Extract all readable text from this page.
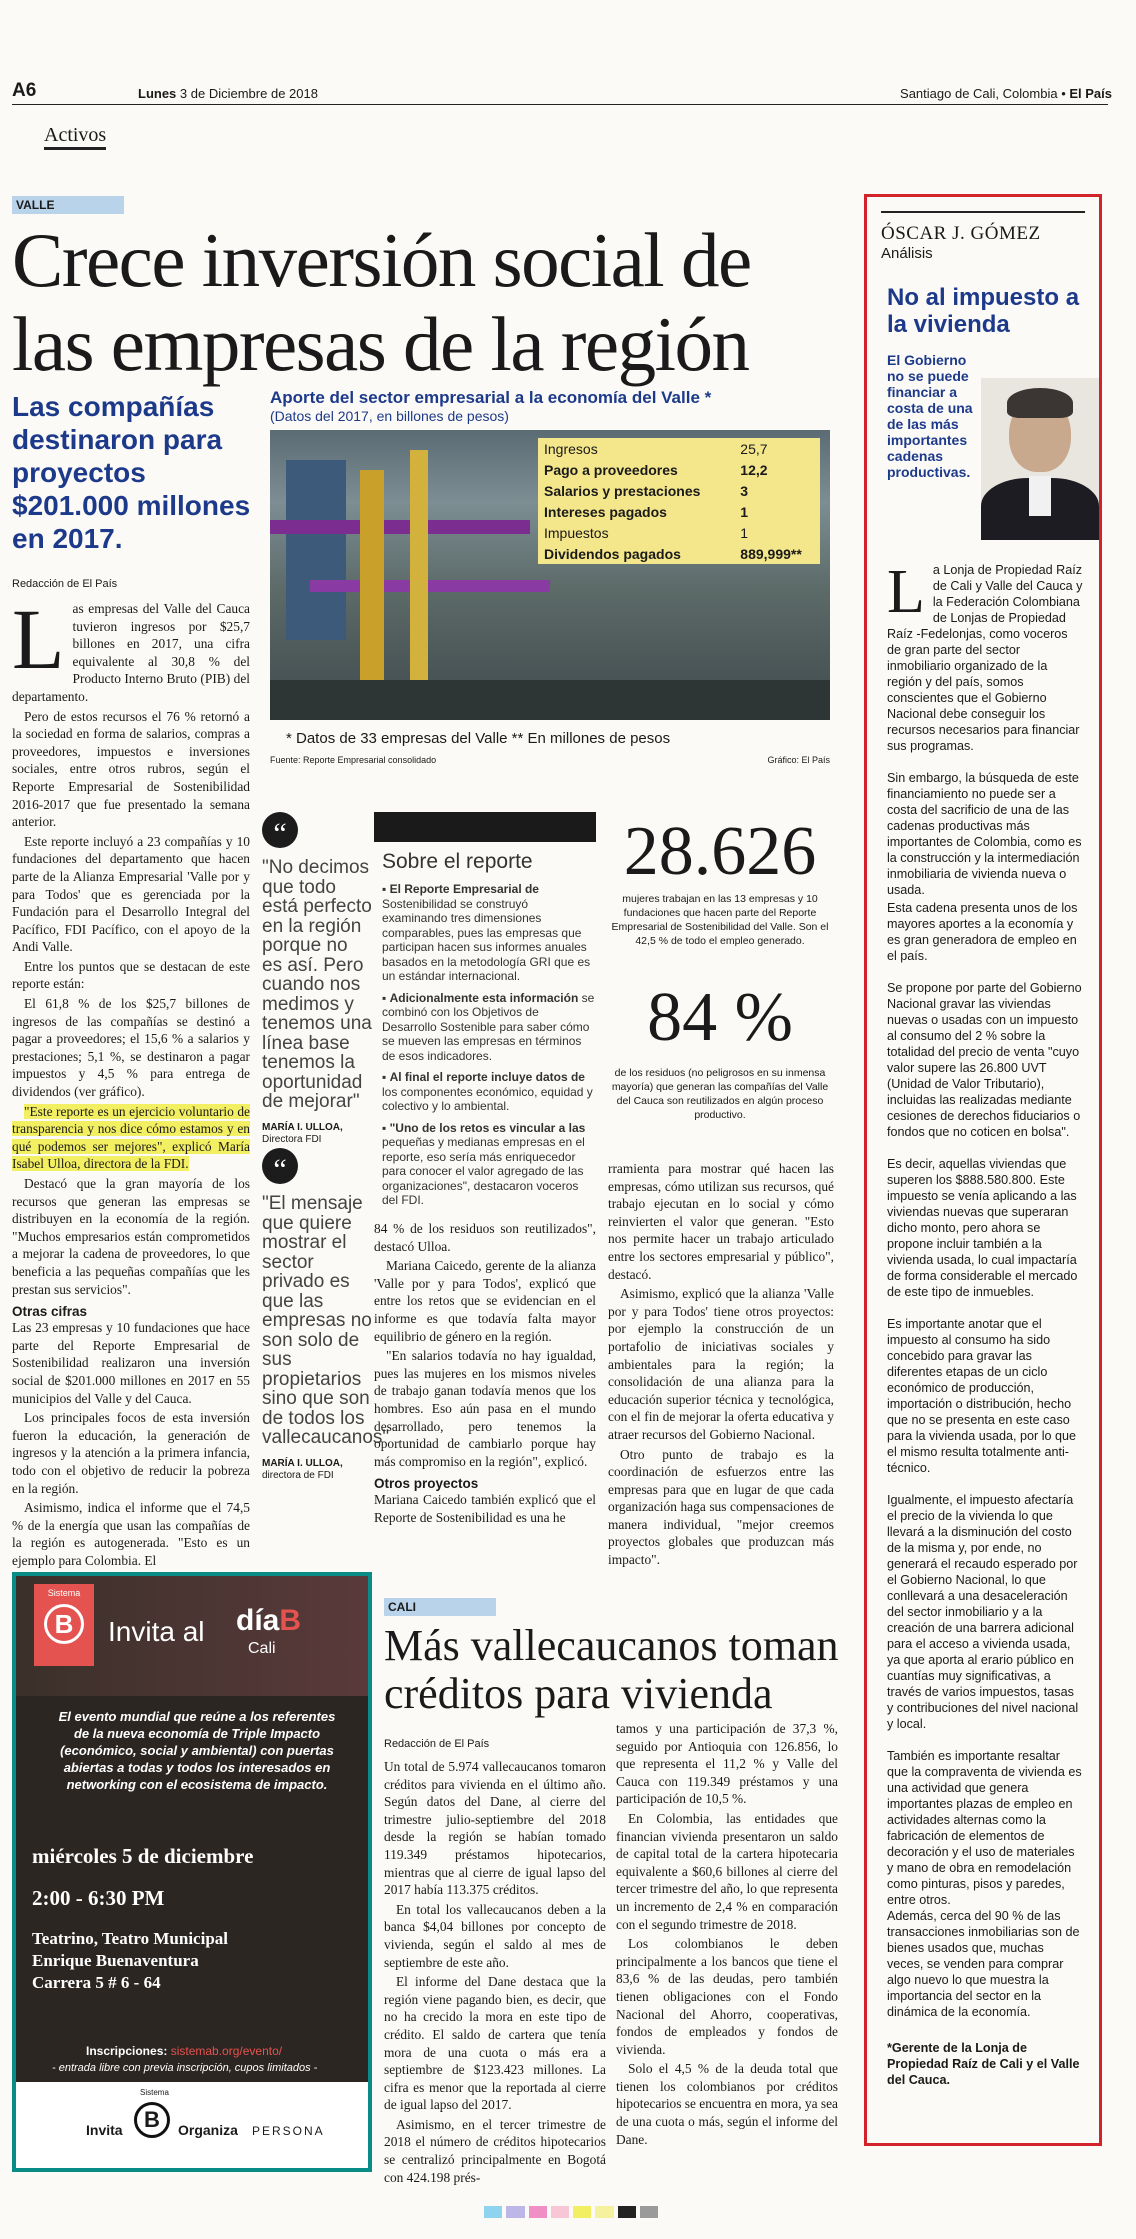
A6	Lunes 3 de Diciembre de 2018	Santiago de Cali, Colombia • El País
Activos
VALLE
Crece inversión social de
las empresas de la región
Las compañías destinaron para proyectos $201.000 millones en 2017.
Redacción de El País

Las empresas del Valle del Cauca tuvieron ingresos por $25,7 billones en 2017, una cifra equivalente al 30,8 % del Producto Interno Bruto (PIB) del departamento.

Pero de estos recursos el 76 % retornó a la sociedad en forma de salarios, compras a proveedores, impuestos e inversiones sociales, entre otros rubros, según el Reporte Empresarial de Sostenibilidad 2016-2017 que fue presentado la semana anterior.

Este reporte incluyó a 23 compañías y 10 fundaciones del departamento que hacen parte de la Alianza Empresarial 'Valle por y para Todos' que es gerenciada por la Fundación para el Desarrollo Integral del Pacífico, FDI Pacífico, con el apoyo de la Andi Valle.

Entre los puntos que se destacan de este reporte están:

El 61,8 % de los $25,7 billones de ingresos de las compañías se destinó a pagar a proveedores; el 15,6 % a salarios y prestaciones; 5,1 %, se destinaron a pagar impuestos y 4,5 % para entrega de dividendos (ver gráfico).

"Este reporte es un ejercicio voluntario de transparencia y nos dice cómo estamos y en qué podemos ser mejores", explicó María Isabel Ulloa, directora de la FDI.

Destacó que la gran mayoría de los recursos que generan las empresas se distribuyen en la economía de la región. "Muchos empresarios están comprometidos a mejorar la cadena de proveedores, lo que beneficia a las pequeñas compañías que les prestan sus servicios".

Otras cifras

Las 23 empresas y 10 fundaciones que hace parte del Reporte Empresarial de Sostenibilidad realizaron una inversión social de $201.000 millones en 2017 en 55 municipios del Valle y del Cauca.

Los principales focos de esta inversión fueron la educación, la generación de ingresos y la atención a la primera infancia, todo con el objetivo de reducir la pobreza en la región.

Asimismo, indica el informe que el 74,5 % de la energía que usan las compañías de la región es autogenerada. "Esto es un ejemplo para Colombia. El

Aporte del sector empresarial a la economía del Valle *
(Datos del 2017, en billones de pesos)
Ingresos	25,7
Pago a proveedores	12,2
Salarios y prestaciones	3
Intereses pagados	1
Impuestos	1
Dividendos pagados	889,999**
* Datos de 33 empresas del Valle ** En millones de pesos
Fuente: Reporte Empresarial consolidado	Gráfico: El País
“
"No decimos que todo está perfecto en la región porque no es así. Pero cuando nos medimos y tenemos una línea base tenemos la oportunidad de mejorar"
MARÍA I. ULLOA,
Directora FDI
“
"El mensaje que quiere mostrar el sector privado es que las empresas no son solo de sus propietarios sino que son de todos los vallecaucanos"
MARÍA I. ULLOA,
directora de FDI
Sobre el reporte
▪ El Reporte Empresarial de Sostenibilidad se construyó examinando tres dimensiones comparables, pues las empresas que participan hacen sus informes anuales basados en la metodología GRI que es un estándar internacional.
▪ Adicionalmente esta información se combinó con los Objetivos de Desarrollo Sostenible para saber cómo se mueven las empresas en términos de esos indicadores.
▪ Al final el reporte incluye datos de los componentes económico, equidad y colectivo y lo ambiental.
▪ "Uno de los retos es vincular a las pequeñas y medianas empresas en el reporte, eso sería más enriquecedor para conocer el valor agregado de las organizaciones", destacaron voceros del FDI.
28.626
mujeres trabajan en las 13 empresas y 10 fundaciones que hacen parte del Reporte Empresarial de Sostenibilidad del Valle. Son el 42,5 % de todo el empleo generado.
84 %
de los residuos (no peligrosos en su inmensa mayoría) que generan las compañías del Valle del Cauca son reutilizados en algún proceso productivo.

84 % de los residuos son reutilizados", destacó Ulloa.

Mariana Caicedo, gerente de la alianza 'Valle por y para Todos', explicó que entre los retos que se evidencian en el informe es que todavía falta mayor equilibrio de género en la región.

"En salarios todavía no hay igualdad, pues las mujeres en los mismos niveles de trabajo ganan todavía menos que los hombres. Eso aún pasa en el mundo desarrollado, pero tenemos la oportunidad de cambiarlo porque hay más compromiso en la región", explicó.

Otros proyectos

Mariana Caicedo también explicó que el Reporte de Sostenibilidad es una he

rramienta para mostrar qué hacen las empresas, cómo utilizan sus recursos, qué trabajo ejecutan en lo social y cómo reinvierten el valor que generan. "Esto nos permite hacer un trabajo articulado entre los sectores empresarial y público", destacó.

Asimismo, explicó que la alianza 'Valle por y para Todos' tiene otros proyectos: por ejemplo la construcción de un portafolio de iniciativas sociales y ambientales para la región; la consolidación de una alianza para la educación superior técnica y tecnológica, con el fin de mejorar la oferta educativa y atraer recursos del Gobierno Nacional.

Otro punto de trabajo es la coordinación de esfuerzos entre las empresas para que en lugar de que cada organización haga sus compensaciones de manera individual, "mejor creemos proyectos globales que produzcan más impacto".

ÓSCAR J. GÓMEZ
Análisis
No al impuesto a la vivienda
El Gobierno no se puede financiar a costa de una de las más importantes cadenas productivas.

La Lonja de Propiedad Raíz de Cali y Valle del Cauca y la Federación Colombiana de Lonjas de Propiedad Raíz -Fedelonjas, como voceros de gran parte del sector inmobiliario organizado de la región y del país, somos conscientes que el Gobierno Nacional debe conseguir los recursos necesarios para financiar sus programas.

Sin embargo, la búsqueda de este financiamiento no puede ser a costa del sacrificio de una de las cadenas productivas más importantes de Colombia, como es la construcción y la intermediación inmobiliaria de vivienda nueva o usada.

Esta cadena presenta unos de los mayores aportes a la economía y es gran generadora de empleo en el país.

Se propone por parte del Gobierno Nacional gravar las viviendas nuevas o usadas con un impuesto al consumo del 2 % sobre la totalidad del precio de venta "cuyo valor supere las 26.800 UVT (Unidad de Valor Tributario), incluidas las realizadas mediante cesiones de derechos fiduciarios o fondos que no coticen en bolsa".

Es decir, aquellas viviendas que superen los $888.580.800. Este impuesto se venía aplicando a las viviendas nuevas que superaran dicho monto, pero ahora se propone incluir también a la vivienda usada, lo cual impactaría de forma considerable el mercado de este tipo de inmuebles.

Es importante anotar que el impuesto al consumo ha sido concebido para gravar las diferentes etapas de un ciclo económico de producción, importación o distribución, hecho que no se presenta en este caso para la vivienda usada, por lo que el mismo resulta totalmente anti-técnico.

Igualmente, el impuesto afectaría el precio de la vivienda lo que llevará a la disminución del costo de la misma y, por ende, no generará el recaudo esperado por el Gobierno Nacional, lo que conllevará a una desaceleración del sector inmobiliario y a la creación de una barrera adicional para el acceso a vivienda usada, ya que aporta al erario público en cuantías muy significativas, a través de varios impuestos, tasas y contribuciones del nivel nacional y local.

También es importante resaltar que la compraventa de vivienda es una actividad que genera importantes plazas de empleo en actividades alternas como la fabricación de elementos de decoración y el uso de materiales y mano de obra en remodelación como pinturas, pisos y paredes, entre otros.

Además, cerca del 90 % de las transacciones inmobiliarias son de bienes usados que, muchas veces, se venden para comprar algo nuevo lo que muestra la importancia del sector en la dinámica de la economía.

*Gerente de la Lonja de Propiedad Raíz de Cali y el Valle del Cauca.

Sistema
B	Invita al díaB
Cali
El evento mundial que reúne a los referentes de la nueva economía de Triple Impacto (económico, social y ambiental) con puertas abiertas a todas y todos los interesados en networking con el ecosistema de impacto.
miércoles 5 de diciembre
2:00 - 6:30 PM
Teatrino, Teatro Municipal
Enrique Buenaventura
Carrera 5 # 6 - 64
Inscripciones: sistemab.org/evento/
- entrada libre con previa inscripción, cupos limitados -
Invita
Sistema
B	Organiza PERSONA
CALI
Más vallecaucanos toman
créditos para vivienda
Redacción de El País

Un total de 5.974 vallecaucanos tomaron créditos para vivienda en el último año. Según datos del Dane, al cierre del trimestre julio-septiembre del 2018 desde la región se habían tomado 119.349 préstamos hipotecarios, mientras que al cierre de igual lapso del 2017 había 113.375 créditos.

En total los vallecaucanos deben a la banca $4,04 billones por concepto de vivienda, según el saldo al mes de septiembre de este año.

El informe del Dane destaca que la región viene pagando bien, es decir, que no ha crecido la mora en este tipo de crédito. El saldo de cartera que tenía mora de una cuota o más era a septiembre de $123.423 millones. La cifra es menor que la reportada al cierre de igual lapso del 2017.

Asimismo, en el tercer trimestre de 2018 el número de créditos hipotecarios se centralizó principalmente en Bogotá con 424.198 prés-

tamos y una participación de 37,3 %, seguido por Antioquia con 126.856, lo que representa el 11,2 % y Valle del Cauca con 119.349 préstamos y una participación de 10,5 %.

En Colombia, las entidades que financian vivienda presentaron un saldo de capital total de la cartera hipotecaria equivalente a $60,6 billones al cierre del tercer trimestre del año, lo que representa un incremento de 2,4 % en comparación con el segundo trimestre de 2018.

Los colombianos le deben principalmente a los bancos que tiene el 83,6 % de las deudas, pero también tienen obligaciones con el Fondo Nacional del Ahorro, cooperativas, fondos de empleados y fondos de vivienda.

Solo el 4,5 % de la deuda total que tienen los colombianos por créditos hipotecarios se encuentra en mora, ya sea de una cuota o más, según el informe del Dane.
